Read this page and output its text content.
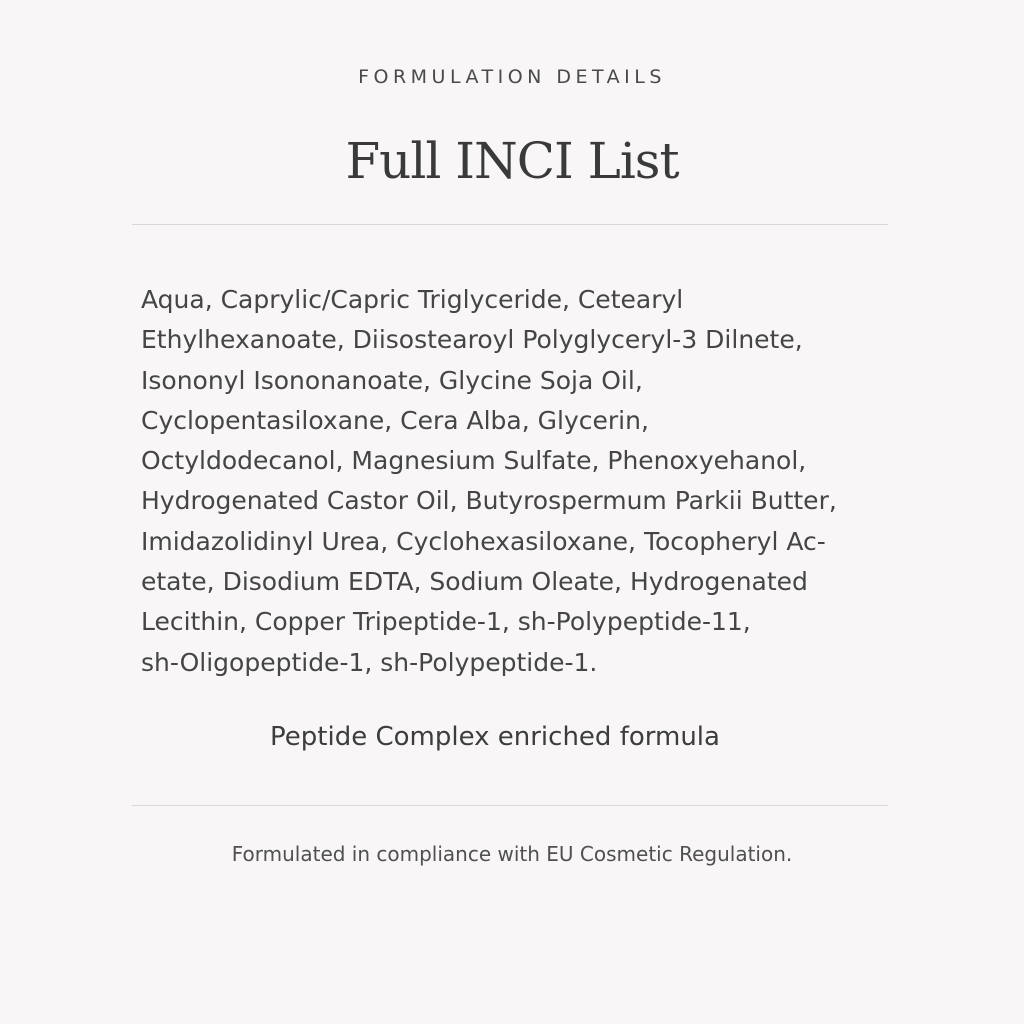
FORMULATION DETAILS
Full INCI List
Aqua, Caprylic/Capric Triglyceride, Cetearyl
Ethylhexanoate, Diisostearoyl Polyglyceryl-3 Dilnete,
Isononyl Isononanoate, Glycine Soja Oil,
Cyclopentasiloxane, Cera Alba, Glycerin,
Octyldodecanol, Magnesium Sulfate, Phenoxyehanol,
Hydrogenated Castor Oil, Butyrospermum Parkii Butter,
Imidazolidinyl Urea, Cyclohexasiloxane, Tocopheryl Ac-
etate, Disodium EDTA, Sodium Oleate, Hydrogenated
Lecithin, Copper Tripeptide-1, sh-Polypeptide-11,
sh-Oligopeptide-1, sh-Polypeptide-1.
Peptide Complex enriched formula
Formulated in compliance with EU Cosmetic Regulation.
